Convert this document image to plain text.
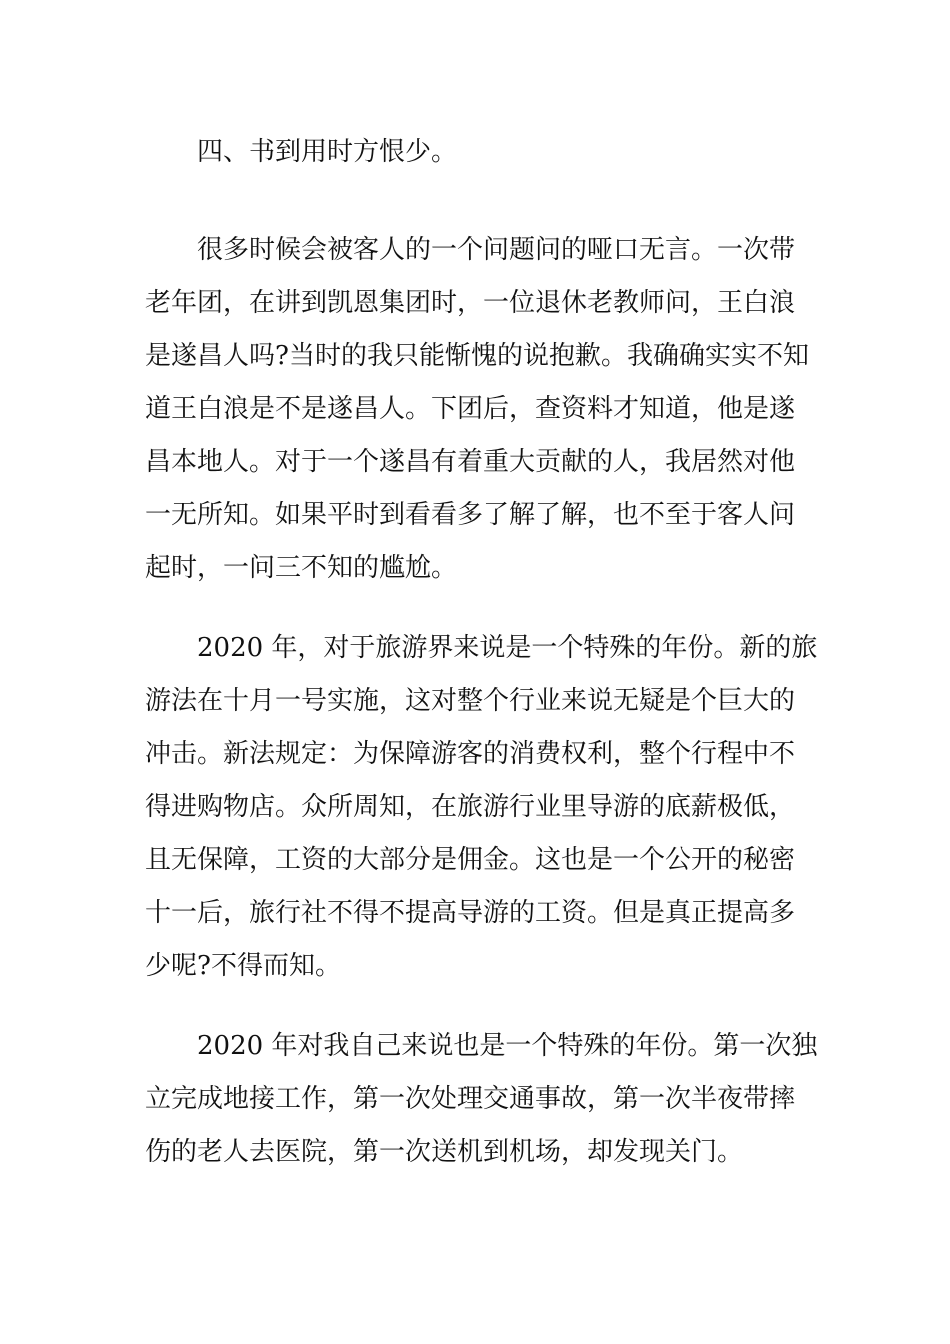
四、书到用时方恨少。
很多时候会被客人的一个问题问的哑口无言。一次带
老年团，在讲到凯恩集团时，一位退休老教师问，王白浪
是遂昌人吗?当时的我只能惭愧的说抱歉。我确确实实不知
道王白浪是不是遂昌人。下团后，查资料才知道，他是遂
昌本地人。对于一个遂昌有着重大贡献的人，我居然对他
一无所知。如果平时到看看多了解了解，也不至于客人问
起时，一问三不知的尴尬。
2020 年，对于旅游界来说是一个特殊的年份。新的旅
游法在十月一号实施，这对整个行业来说无疑是个巨大的
冲击。新法规定：为保障游客的消费权利，整个行程中不
得进购物店。众所周知，在旅游行业里导游的底薪极低，
且无保障，工资的大部分是佣金。这也是一个公开的秘密
十一后，旅行社不得不提高导游的工资。但是真正提高多
少呢?不得而知。
2020 年对我自己来说也是一个特殊的年份。第一次独
立完成地接工作，第一次处理交通事故，第一次半夜带摔
伤的老人去医院，第一次送机到机场，却发现关门。
